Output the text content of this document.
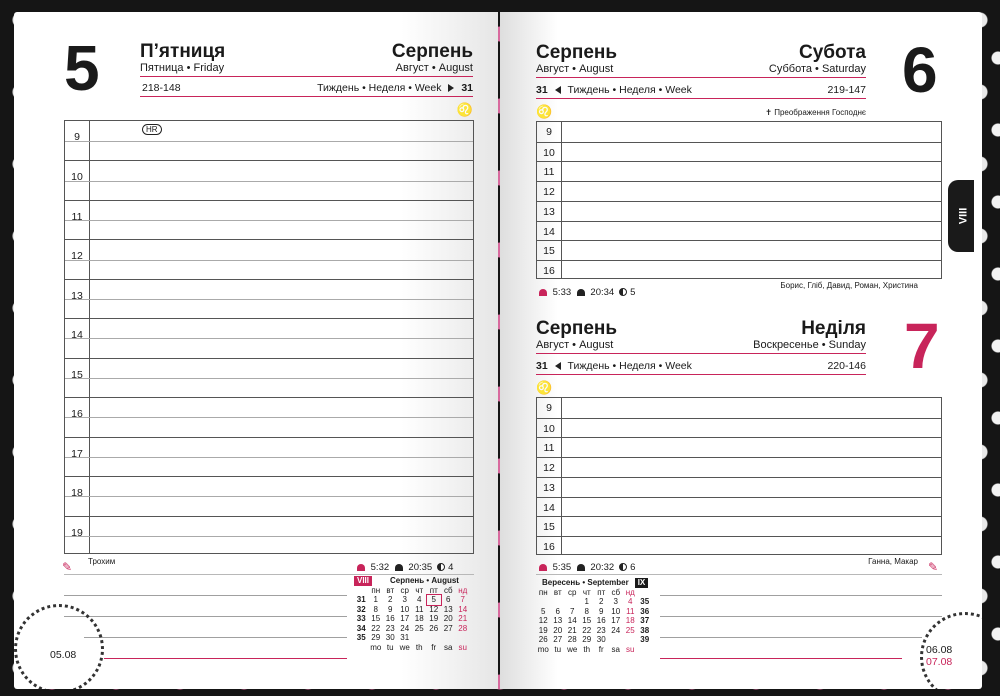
5 П’ятниця
Пятница • Friday
Серпень
Август • August
218-148	Тиждень • Неделя • Week 31
♌
HR
9
10
11
12
13
14
15
16
17
18
19
✎ Трохим
5:32 20:35 4
VIII	Серпень • August
	пн	вт	ср	чт	пт	сб	нд
31	1	2	3	4	5	6	7
32	8	9	10	11	12	13	14
33	15	16	17	18	19	20	21
34	22	23	24	25	26	27	28
35	29	30	31				
	mo	tu	we	th	fr	sa	su
05.08
Серпень
Август • August
Субота
Суббота • Saturday 6
31 Тиждень • Неделя • Week	219-147
♌	✝ Преображення Господнє
9
10
11
12
13
14
15
16
5:33 20:34 5
Борис, Гліб, Давид, Роман, Христина
Серпень
Август • August
Неділя
Воскресенье • Sunday 7
31 Тиждень • Неделя • Week	220-146
♌
9
10
11
12
13
14
15
16
5:35 20:32 6
Ганна, Макар ✎
Вересень • September	IX
пн	вт	ср	чт	пт	сб	нд	
			1	2	3	4	35
5	6	7	8	9	10	11	36
12	13	14	15	16	17	18	37
19	20	21	22	23	24	25	38
26	27	28	29	30			39
mo	tu	we	th	fr	sa	su		06.08
07.08
VIII
